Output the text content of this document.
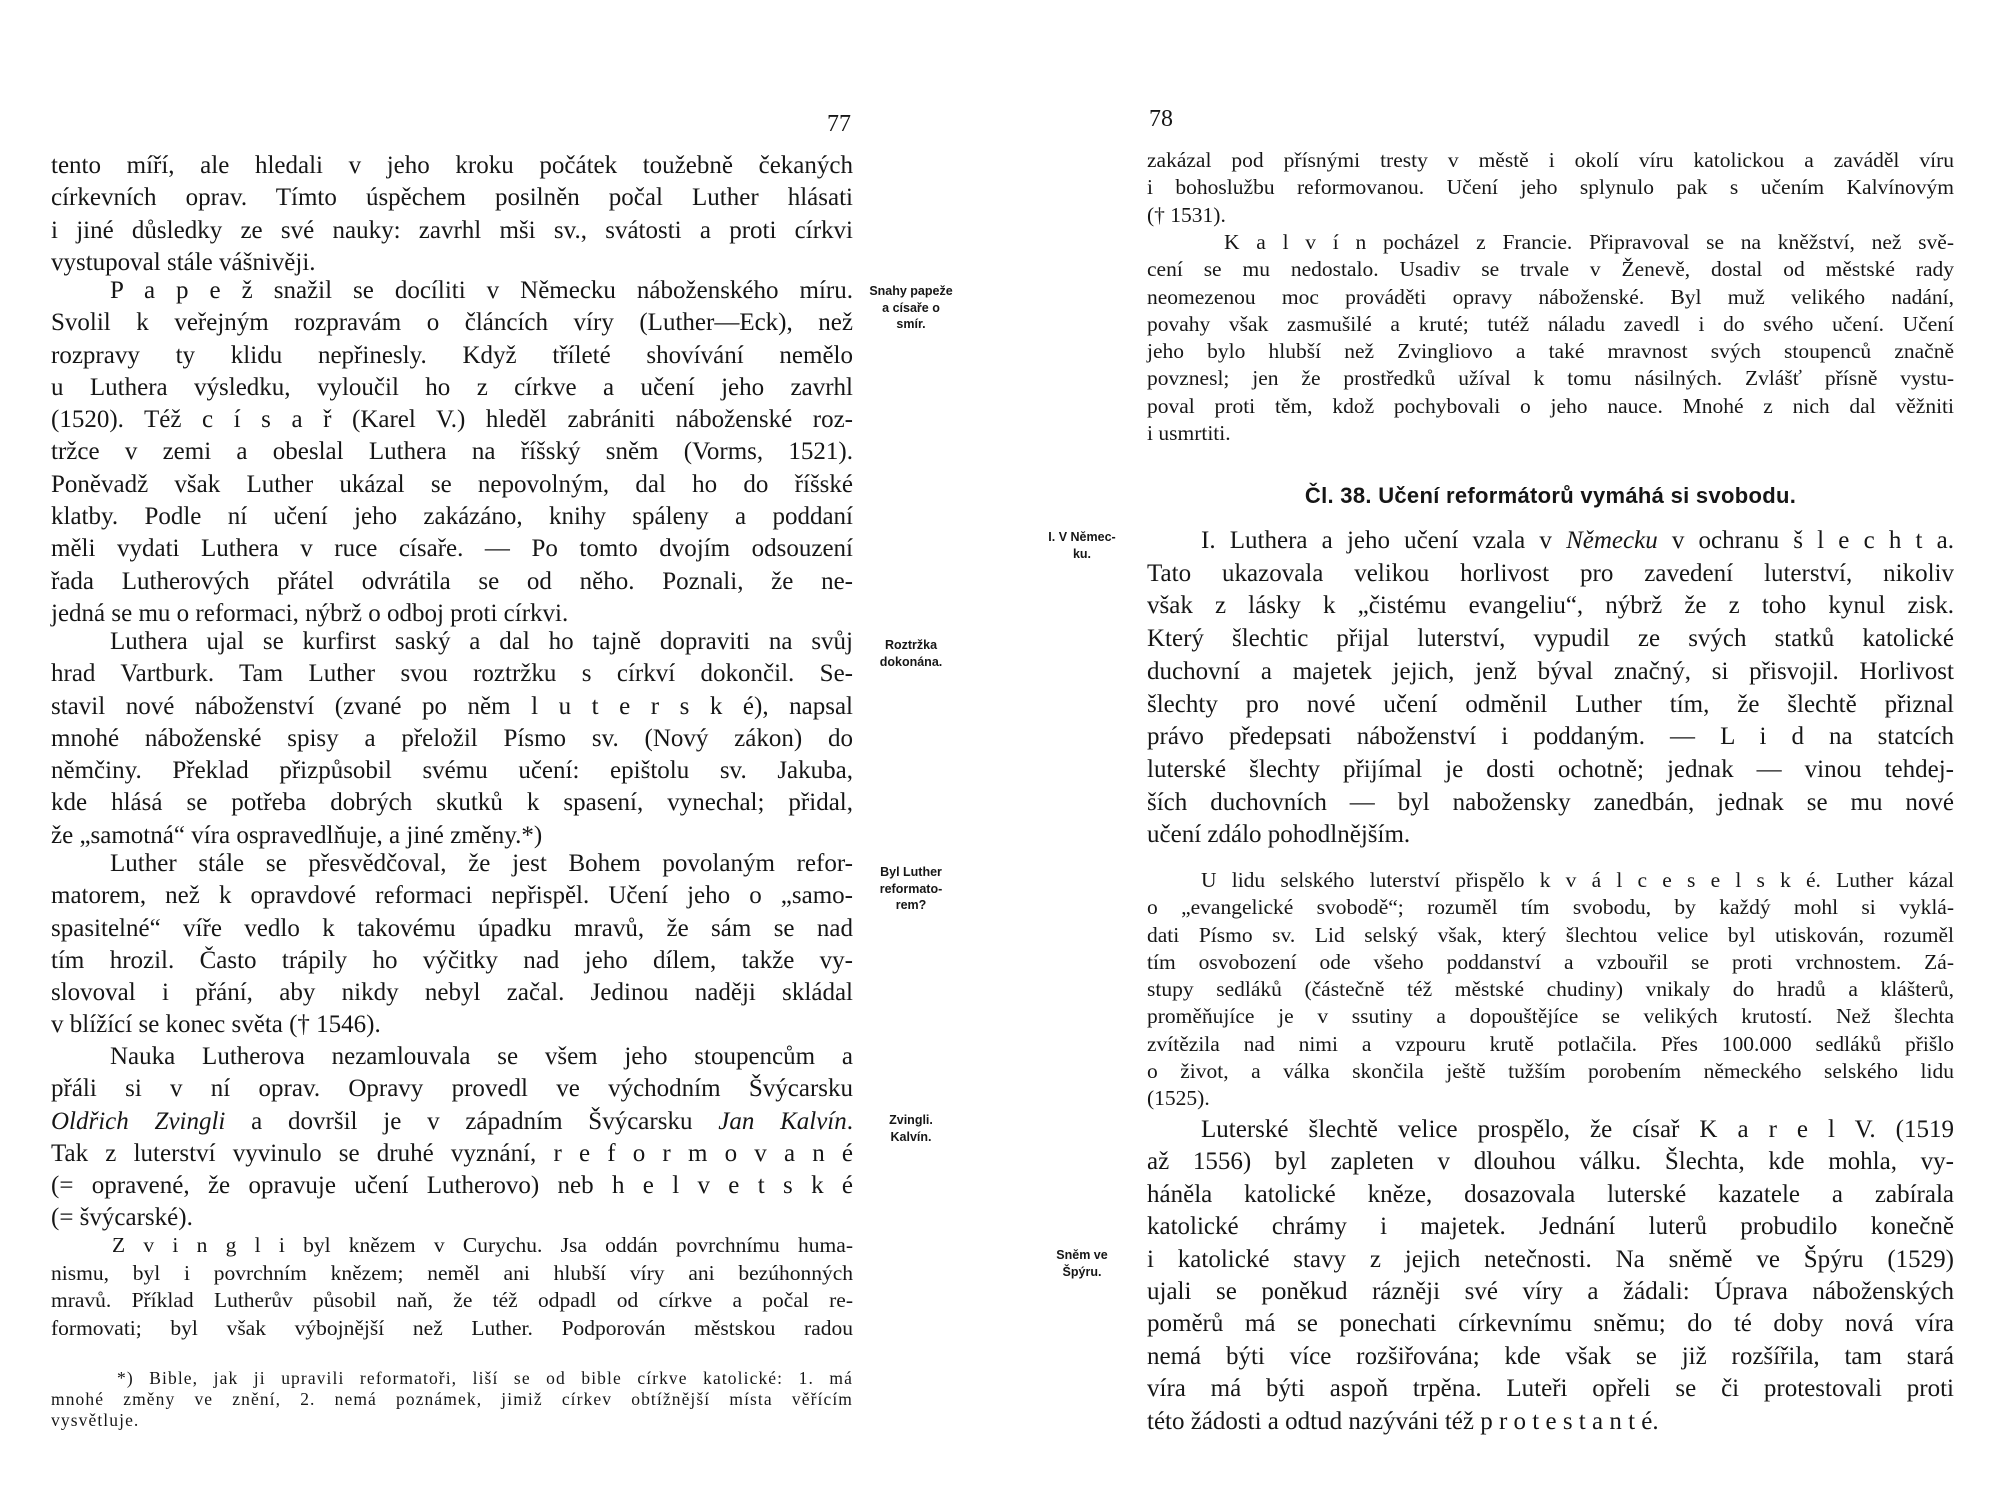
77
tento míří, ale hledali v jeho kroku počátek toužebně čekaných
církevních oprav. Tímto úspěchem posilněn počal Luther hlásati
i jiné důsledky ze své nauky: zavrhl mši sv., svátosti a proti církvi
vystupoval stále vášnivěji.
P a p e ž snažil se docíliti v Německu náboženského míru.
Svolil k veřejným rozpravám o článcích víry (Luther—Eck), než
rozpravy ty klidu nepřinesly. Když tříleté shovívání nemělo
u Luthera výsledku, vyloučil ho z církve a učení jeho zavrhl
(1520). Též c í s a ř (Karel V.) hleděl zabrániti náboženské roz-
tržce v zemi a obeslal Luthera na říšský sněm (Vorms, 1521).
Poněvadž však Luther ukázal se nepovolným, dal ho do říšské
klatby. Podle ní učení jeho zakázáno, knihy spáleny a poddaní
měli vydati Luthera v ruce císaře. — Po tomto dvojím odsouzení
řada Lutherových přátel odvrátila se od něho. Poznali, že ne-
jedná se mu o reformaci, nýbrž o odboj proti církvi.
Luthera ujal se kurfirst saský a dal ho tajně dopraviti na svůj
hrad Vartburk. Tam Luther svou roztržku s církví dokončil. Se-
stavil nové náboženství (zvané po něm l u t e r s k é), napsal
mnohé náboženské spisy a přeložil Písmo sv. (Nový zákon) do
němčiny. Překlad přizpůsobil svému učení: epištolu sv. Jakuba,
kde hlásá se potřeba dobrých skutků k spasení, vynechal; přidal,
že „samotná“ víra ospravedlňuje, a jiné změny.*)
Luther stále se přesvědčoval, že jest Bohem povolaným refor-
matorem, než k opravdové reformaci nepřispěl. Učení jeho o „samo-
spasitelné“ víře vedlo k takovému úpadku mravů, že sám se nad
tím hrozil. Často trápily ho výčitky nad jeho dílem, takže vy-
slovoval i přání, aby nikdy nebyl začal. Jedinou naději skládal
v blížící se konec světa († 1546).
Nauka Lutherova nezamlouvala se všem jeho stoupencům a
přáli si v ní oprav. Opravy provedl ve východním Švýcarsku
Oldřich Zvingli a dovršil je v západním Švýcarsku Jan Kalvín.
Tak z luterství vyvinulo se druhé vyznání, r e f o r m o v a n é
(= opravené, že opravuje učení Lutherovo) neb h e l v e t s k é
(= švýcarské).
Z v i n g l i byl knězem v Curychu. Jsa oddán povrchnímu huma-
nismu, byl i povrchním knězem; neměl ani hlubší víry ani bezúhonných
mravů. Příklad Lutherův působil naň, že též odpadl od církve a počal re-
formovati; byl však výbojnější než Luther. Podporován městskou radou
*) Bible, jak ji upravili reformatoři, liší se od bible církve katolické: 1. má
mnohé změny ve znění, 2. nemá poznámek, jimiž církev obtížnější místa věřícím
vysvětluje.
Snahy papeže
a císaře o
smír.
Roztržka
dokonána.
Byl Luther
reformato-
rem?
Zvingli.
Kalvín.
78
zakázal pod přísnými tresty v městě i okolí víru katolickou a zaváděl víru
i bohoslužbu reformovanou. Učení jeho splynulo pak s učením Kalvínovým
(† 1531).
K a l v í n pocházel z Francie. Připravoval se na kněžství, než svě-
cení se mu nedostalo. Usadiv se trvale v Ženevě, dostal od městské rady
neomezenou moc prováděti opravy náboženské. Byl muž velikého nadání,
povahy však zasmušilé a kruté; tutéž náladu zavedl i do svého učení. Učení
jeho bylo hlubší než Zvingliovo a také mravnost svých stoupenců značně
povznesl; jen že prostředků užíval k tomu násilných. Zvlášť přísně vystu-
poval proti těm, kdož pochybovali o jeho nauce. Mnohé z nich dal věžniti
i usmrtiti.
Čl. 38. Učení reformátorů vymáhá si svobodu.
I. Luthera a jeho učení vzala v Německu v ochranu š l e c h t a.
Tato ukazovala velikou horlivost pro zavedení luterství, nikoliv
však z lásky k „čistému evangeliu“, nýbrž že z toho kynul zisk.
Který šlechtic přijal luterství, vypudil ze svých statků katolické
duchovní a majetek jejich, jenž býval značný, si přisvojil. Horlivost
šlechty pro nové učení odměnil Luther tím, že šlechtě přiznal
právo předepsati náboženství i poddaným. — L i d na statcích
luterské šlechty přijímal je dosti ochotně; jednak — vinou tehdej-
ších duchovních — byl nabožensky zanedbán, jednak se mu nové
učení zdálo pohodlnějším.
U lidu selského luterství přispělo k v á l c e s e l s k é. Luther kázal
o „evangelické svobodě“; rozuměl tím svobodu, by každý mohl si vyklá-
dati Písmo sv. Lid selský však, který šlechtou velice byl utiskován, rozuměl
tím osvobození ode všeho poddanství a vzbouřil se proti vrchnostem. Zá-
stupy sedláků (částečně též městské chudiny) vnikaly do hradů a klášterů,
proměňujíce je v ssutiny a dopouštějíce se velikých krutostí. Než šlechta
zvítězila nad nimi a vzpouru krutě potlačila. Přes 100.000 sedláků přišlo
o život, a válka skončila ještě tužším porobením německého selského lidu
(1525).
Luterské šlechtě velice prospělo, že císař K a r e l V. (1519
až 1556) byl zapleten v dlouhou válku. Šlechta, kde mohla, vy-
háněla katolické kněze, dosazovala luterské kazatele a zabírala
katolické chrámy i majetek. Jednání luterů probudilo konečně
i katolické stavy z jejich netečnosti. Na sněmě ve Špýru (1529)
ujali se poněkud rázněji své víry a žádali: Úprava náboženských
poměrů má se ponechati církevnímu sněmu; do té doby nová víra
nemá býti více rozšiřována; kde však se již rozšířila, tam stará
víra má býti aspoň trpěna. Luteři opřeli se či protestovali proti
této žádosti a odtud nazýváni též p r o t e s t a n t é.
I. V Němec-
ku.
Sněm ve
Špýru.
